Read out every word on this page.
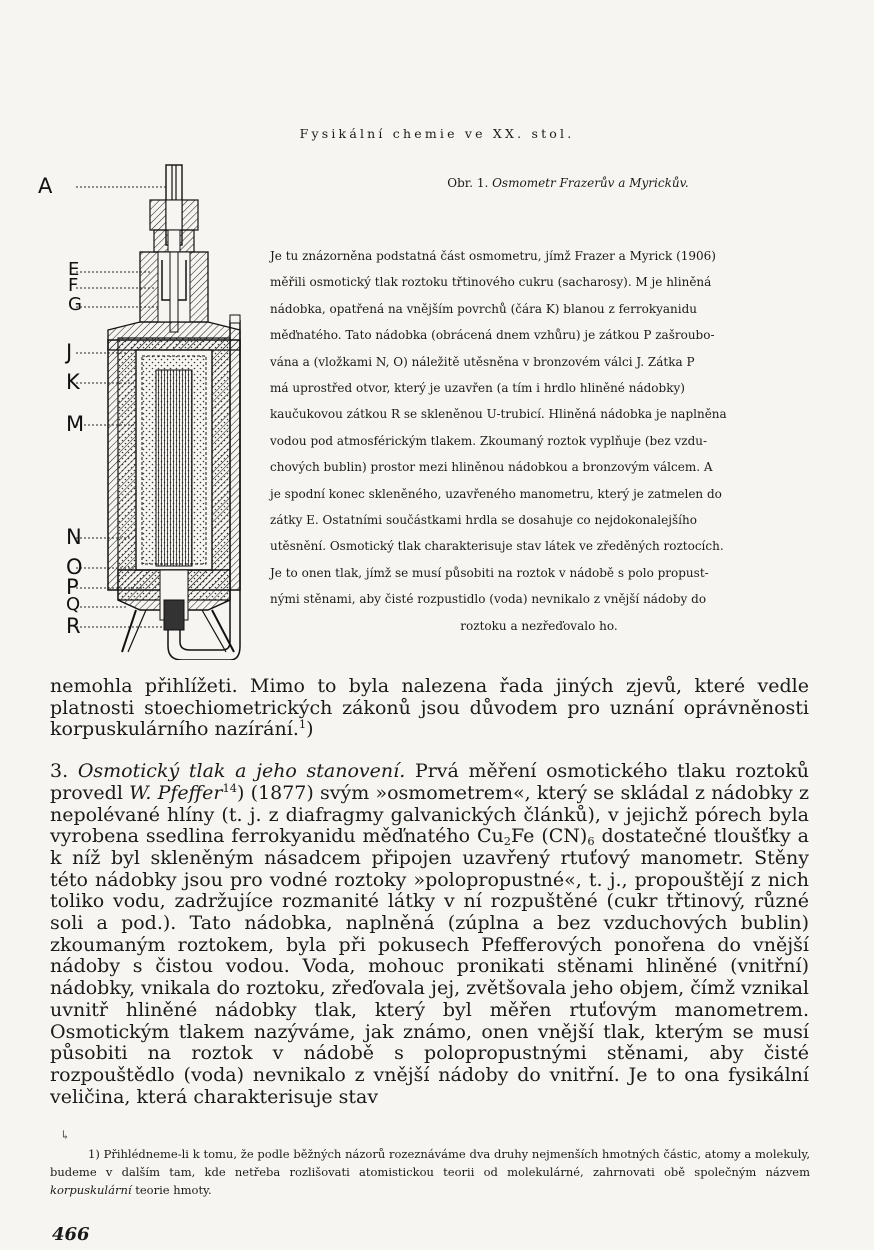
Fysikální chemie ve XX. stol.
A
E
F
G
J
K
M
N
O
P
Q
R
Obr. 1. Osmometr Frazerův a Myrickův.
Je tu znázorněna podstatná část osmometru, jímž Frazer a Myrick (1906)
měřili osmotický tlak roztoku třtinového cukru (sacharosy). M je hliněná
nádobka, opatřená na vnějším povrchů (čára K) blanou z ferrokyanidu
měďnatého. Tato nádobka (obrácená dnem vzhůru) je zátkou P zašroubo-
vána a (vložkami N, O) náležitě utěsněna v bronzovém válci J. Zátka P
má uprostřed otvor, který je uzavřen (a tím i hrdlo hliněné nádobky)
kaučukovou zátkou R se skleněnou U-trubicí. Hliněná nádobka je naplněna
vodou pod atmosférickým tlakem. Zkoumaný roztok vyplňuje (bez vzdu-
chových bublin) prostor mezi hliněnou nádobkou a bronzovým válcem. A
je spodní konec skleněného, uzavřeného manometru, který je zatmelen do
zátky E. Ostatními součástkami hrdla se dosahuje co nejdokonalejšího
utěsnění. Osmotický tlak charakterisuje stav látek ve zředěných roztocích.
Je to onen tlak, jímž se musí působiti na roztok v nádobě s polo propust-
nými stěnami, aby čisté rozpustidlo (voda) nevnikalo z vnější nádoby do
roztoku a nezřeďovalo ho.

nemohla přihlížeti. Mimo to byla nalezena řada jiných zjevů, které vedle platnosti stoechiometrických zákonů jsou důvodem pro uznání oprávněnosti korpuskulárního nazírání.$^1$)

3. Osmotický tlak a jeho stanovení. Prvá měření osmotického tlaku roztoků provedl W. Pfeffer$^{14}$) (1877) svým »osmometrem«, který se skládal z nádobky z nepolévané hlíny (t. j. z diafragmy galvanických článků), v jejichž pórech byla vyrobena ssedlina ferrokyanidu měďnatého $Cu_2Fe$ $(CN)_6$ dostatečné tloušťky a k níž byl skleněným násadcem připojen uzavřený rtuťový manometr. Stěny této nádobky jsou pro vodné roztoky »polopropustné«, t. j., propouštějí z nich toliko vodu, zadržujíce rozmanité látky v ní rozpuštěné (cukr třtinový, různé soli a pod.). Tato nádobka, naplněná (zúplna a bez vzduchových bublin) zkoumaným roztokem, byla při pokusech Pfefferových ponořena do vnější nádoby s čistou vodou. Voda, mohouc pronikati stěnami hliněné (vnitřní) nádobky, vnikala do roztoku, zřeďovala jej, zvětšovala jeho objem, čímž vznikal uvnitř hliněné nádobky tlak, který byl měřen rtuťovým manometrem. Osmotickým tlakem nazýváme, jak známo, onen vnější tlak, kterým se musí působiti na roztok v nádobě s polopropustnými stěnami, aby čisté rozpouštědlo (voda) nevnikalo z vnější nádoby do vnitřní. Je to ona fysikální veličina, která charakterisuje stav

↳
1) Přihlédneme-li k tomu, že podle běžných názorů rozeznáváme dva druhy nejmenších hmotných částic, atomy a molekuly, budeme v dalším tam, kde netřeba rozlišovati atomistickou teorii od molekulárné, zahrnovati obě společným názvem korpuskulární teorie hmoty.
466
